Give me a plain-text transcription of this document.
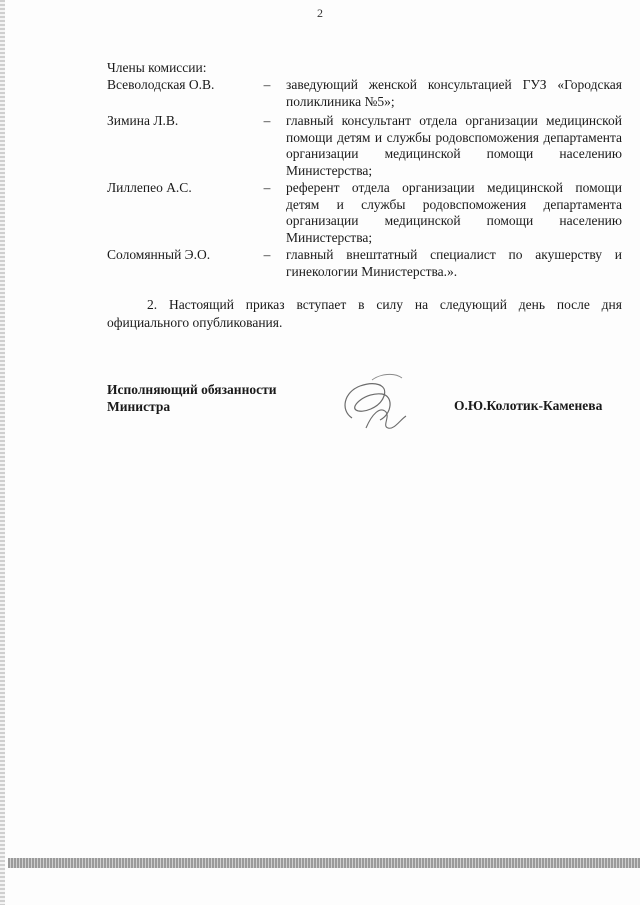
2
Члены комиссии:
Всеволодская О.В.	– заведующий женской консультацией ГУЗ «Городская поликлиника №5»;
Зимина Л.В.	– главный консультант отдела организации медицинской помощи детям и службы родовспоможения департамента организации медицинской помощи населению Министерства;
Лиллепео А.С.	– референт отдела организации медицинской помощи детям и службы родовспоможения департамента организации медицинской помощи населению Министерства;
Соломянный Э.О.	– главный внештатный специалист по акушерству и гинекологии Министерства.».
2. Настоящий приказ вступает в силу на следующий день после дня официального опубликования.
Исполняющий обязанности
Министра	О.Ю.Колотик-Каменева
